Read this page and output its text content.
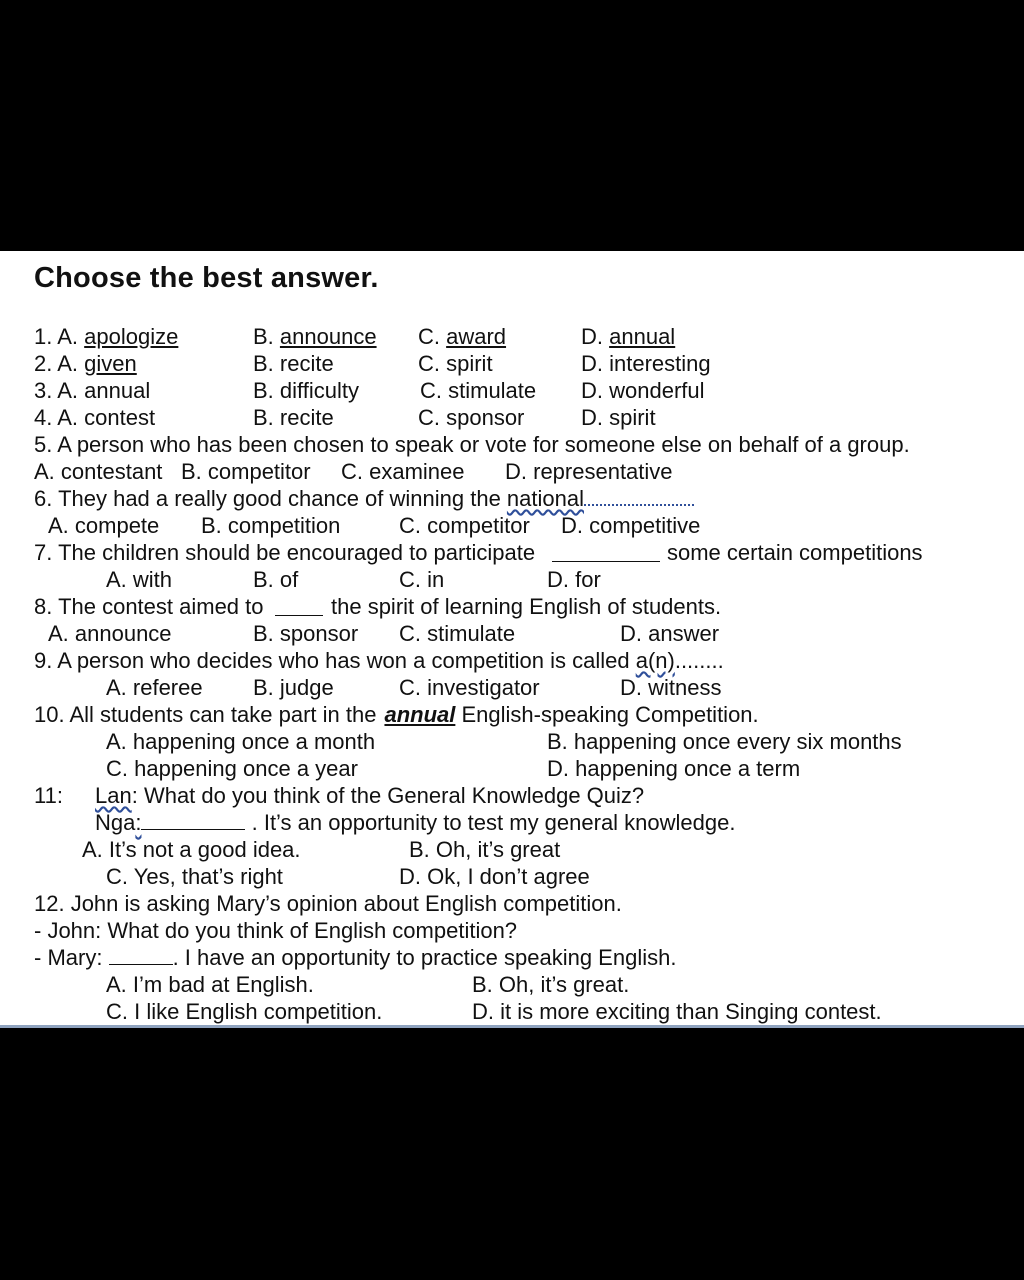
Choose the best answer.
1. A. apologize	B. announce C. award	D. annual
2. A. given	B. recite	C. spirit	D. interesting
3. A. annual	B. difficulty	C. stimulate D. wonderful
4. A. contest	B. recite	C. sponsor	D. spirit
5. A person who has been chosen to speak or vote for someone else on behalf of a group.
A. contestant B. competitor C. examinee D. representative
6. They had a really good chance of winning the national
A. compete B. competition	C. competitor D. competitive
7. The children should be encouraged to participate	some certain competitions
A. with	B. of	C. in	D. for
8. The contest aimed to	the spirit of learning English of students.
A. announce	B. sponsor C. stimulate	D. answer
9. A person who decides who has won a competition is called a(n)........
A. referee B. judge	C. investigator	D. witness
10. All students can take part in the annual English-speaking Competition.
A. happening once a month	B. happening once every six months
C. happening once a year	D. happening once a term
11: Lan: What do you think of the General Knowledge Quiz?
Nga:	. It’s an opportunity to test my general knowledge.
A. It’s not a good idea.	B. Oh, it’s great
C. Yes, that’s right	D. Ok, I don’t agree
12. John is asking Mary’s opinion about English competition.
- John: What do you think of English competition?
- Mary:	. I have an opportunity to practice speaking English.
A. I’m bad at English.	B. Oh, it’s great.
C. I like English competition.	D. it is more exciting than Singing contest.
